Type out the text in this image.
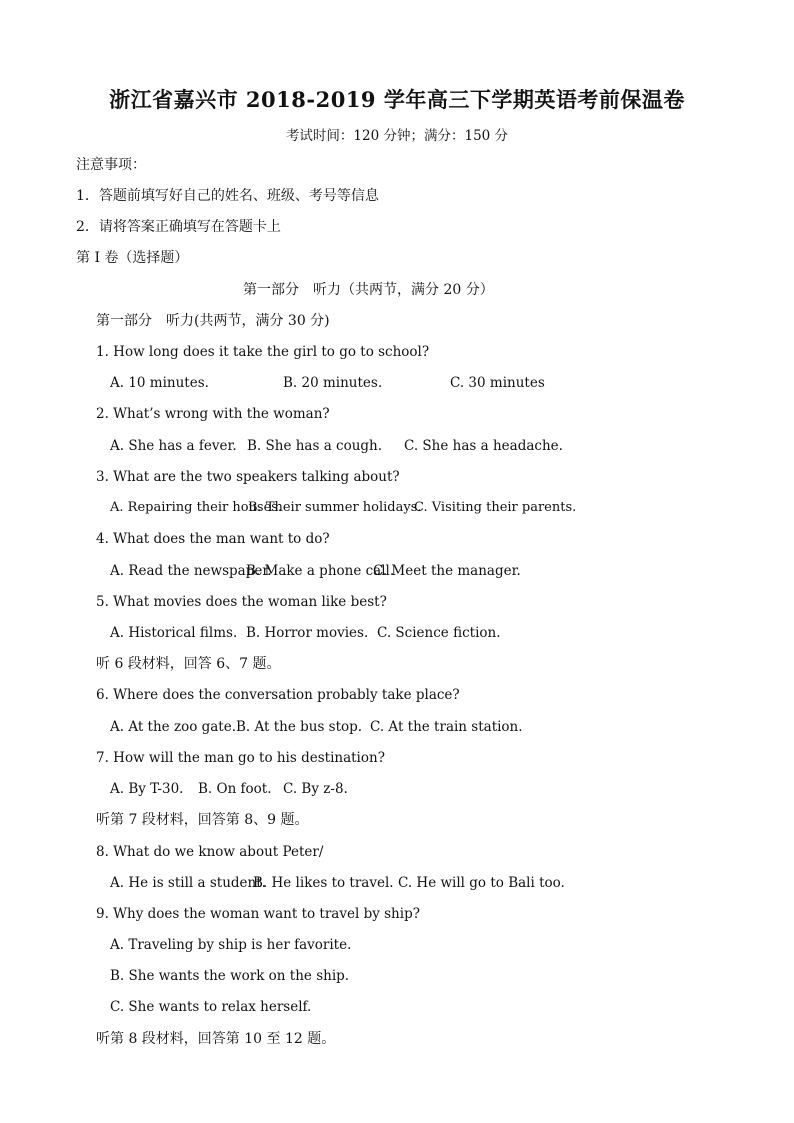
浙江省嘉兴市 2018-2019 学年高三下学期英语考前保温卷
考试时间：120 分钟；满分：150 分
注意事项：
1．答题前填写好自己的姓名、班级、考号等信息
2．请将答案正确填写在答题卡上
第 I 卷（选择题）
第一部分　听力（共两节，满分 20 分）
第一部分　听力(共两节，满分 30 分)
1. How long does it take the girl to go to school?
A. 10 minutes.	B. 20 minutes.	C. 30 minutes
2. What’s wrong with the woman?
A. She has a fever. B. She has a cough. C. She has a headache.
3. What are the two speakers talking about?
A. Repairing their houses.B. Their summer holidays.C. Visiting their parents.
4. What does the man want to do?
A. Read the newspaper.B. Make a phone call.C. Meet the manager.
5. What movies does the woman like best?
A. Historical films. B. Horror movies. C. Science fiction.
听 6 段材料，回答 6、7 题。
6. Where does the conversation probably take place?
A. At the zoo gate.B. At the bus stop. C. At the train station.
7. How will the man go to his destination?
A. By T-30. B. On foot. C. By z-8.
听第 7 段材料，回答第 8、9 题。
8. What do we know about Peter/
A. He is still a student.B. He likes to travel. C. He will go to Bali too.
9. Why does the woman want to travel by ship?
A. Traveling by ship is her favorite.
B. She wants the work on the ship.
C. She wants to relax herself.
听第 8 段材料，回答第 10 至 12 题。
